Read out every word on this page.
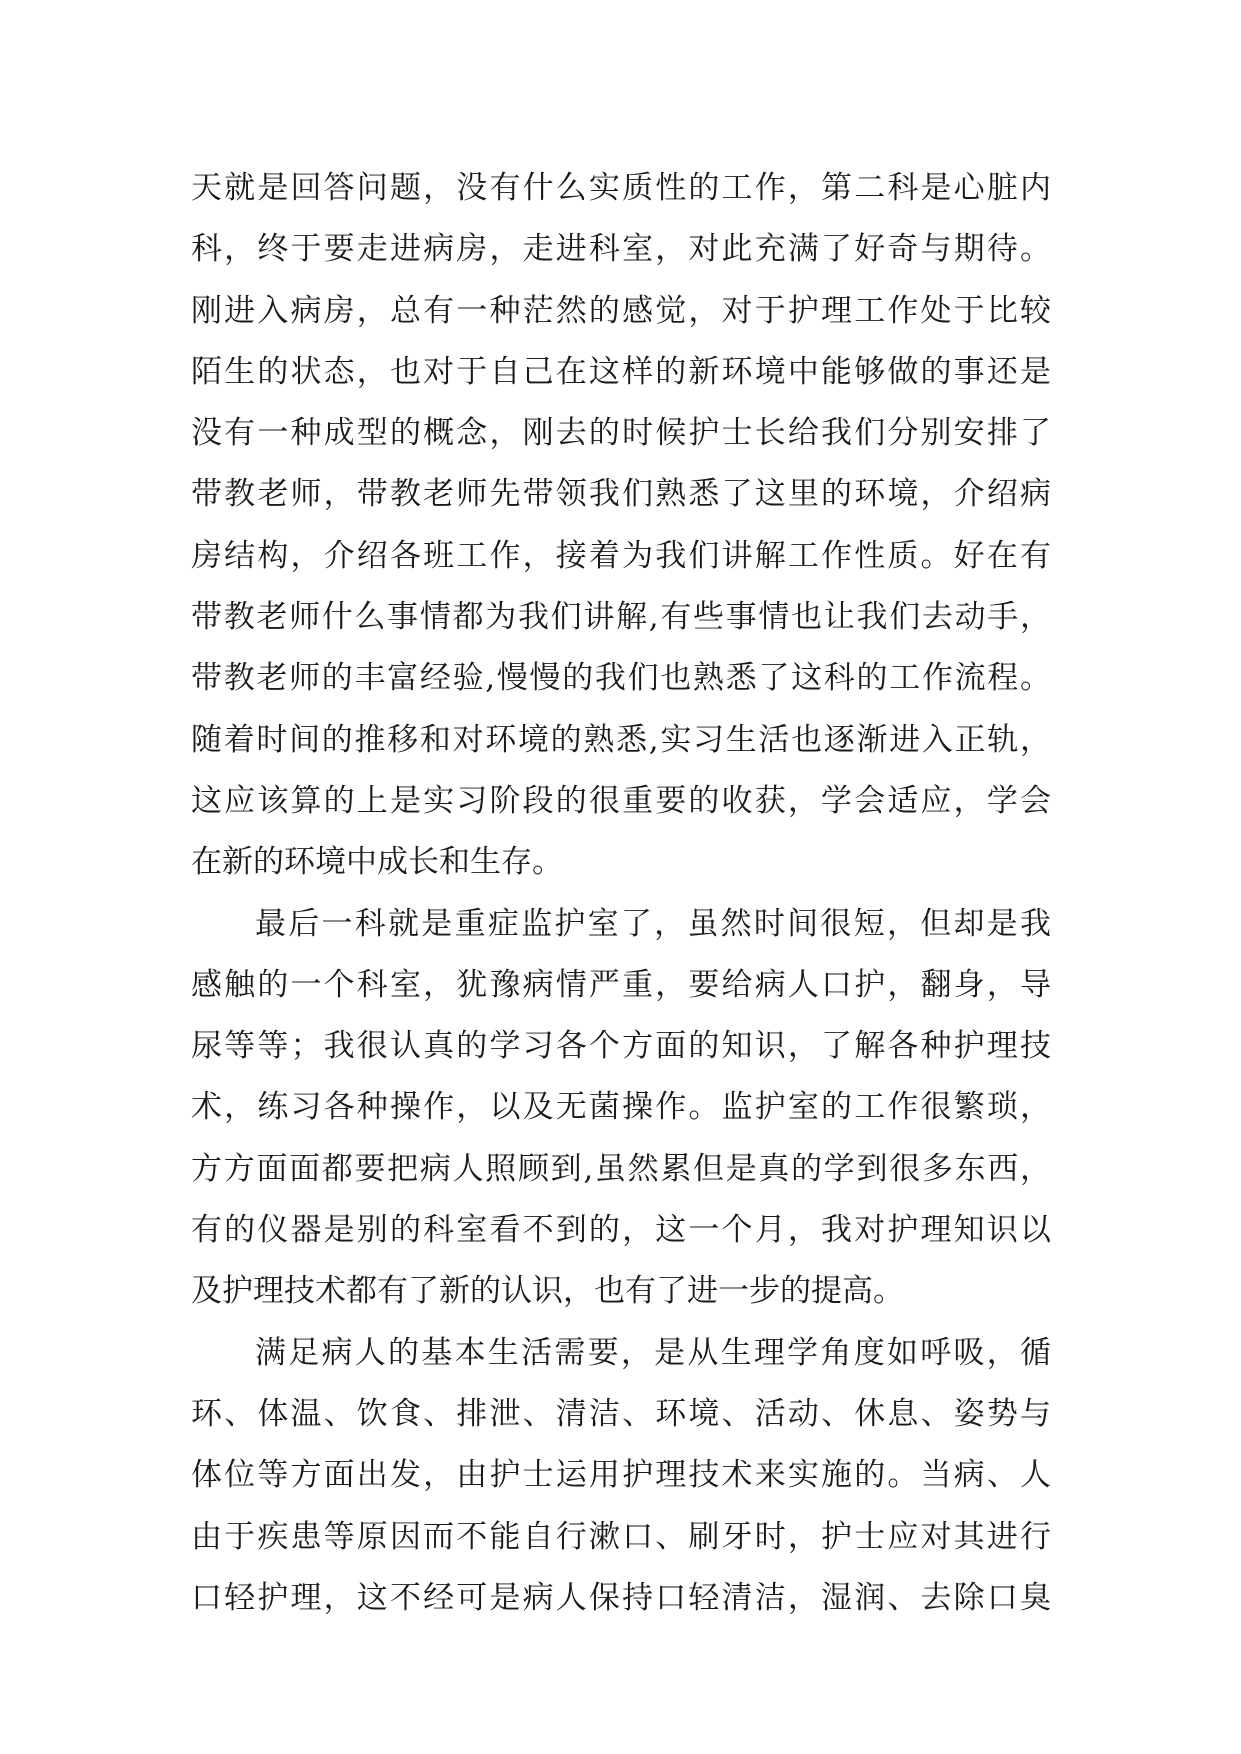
天就是回答问题，没有什么实质性的工作，第二科是心脏内
科，终于要走进病房，走进科室，对此充满了好奇与期待。
刚进入病房，总有一种茫然的感觉，对于护理工作处于比较
陌生的状态，也对于自己在这样的新环境中能够做的事还是
没有一种成型的概念，刚去的时候护士长给我们分别安排了
带教老师，带教老师先带领我们熟悉了这里的环境，介绍病
房结构，介绍各班工作，接着为我们讲解工作性质。好在有
带教老师什么事情都为我们讲解,有些事情也让我们去动手，
带教老师的丰富经验,慢慢的我们也熟悉了这科的工作流程。
随着时间的推移和对环境的熟悉,实习生活也逐渐进入正轨，
这应该算的上是实习阶段的很重要的收获，学会适应，学会
在新的环境中成长和生存。
最后一科就是重症监护室了，虽然时间很短，但却是我
感触的一个科室，犹豫病情严重，要给病人口护，翻身，导
尿等等；我很认真的学习各个方面的知识，了解各种护理技
术，练习各种操作，以及无菌操作。监护室的工作很繁琐，
方方面面都要把病人照顾到,虽然累但是真的学到很多东西，
有的仪器是别的科室看不到的，这一个月，我对护理知识以
及护理技术都有了新的认识，也有了进一步的提高。
满足病人的基本生活需要，是从生理学角度如呼吸，循
环、体温、饮食、排泄、清洁、环境、活动、休息、姿势与
体位等方面出发，由护士运用护理技术来实施的。当病、人
由于疾患等原因而不能自行漱口、刷牙时，护士应对其进行
口轻护理，这不经可是病人保持口轻清洁，湿润、去除口臭
